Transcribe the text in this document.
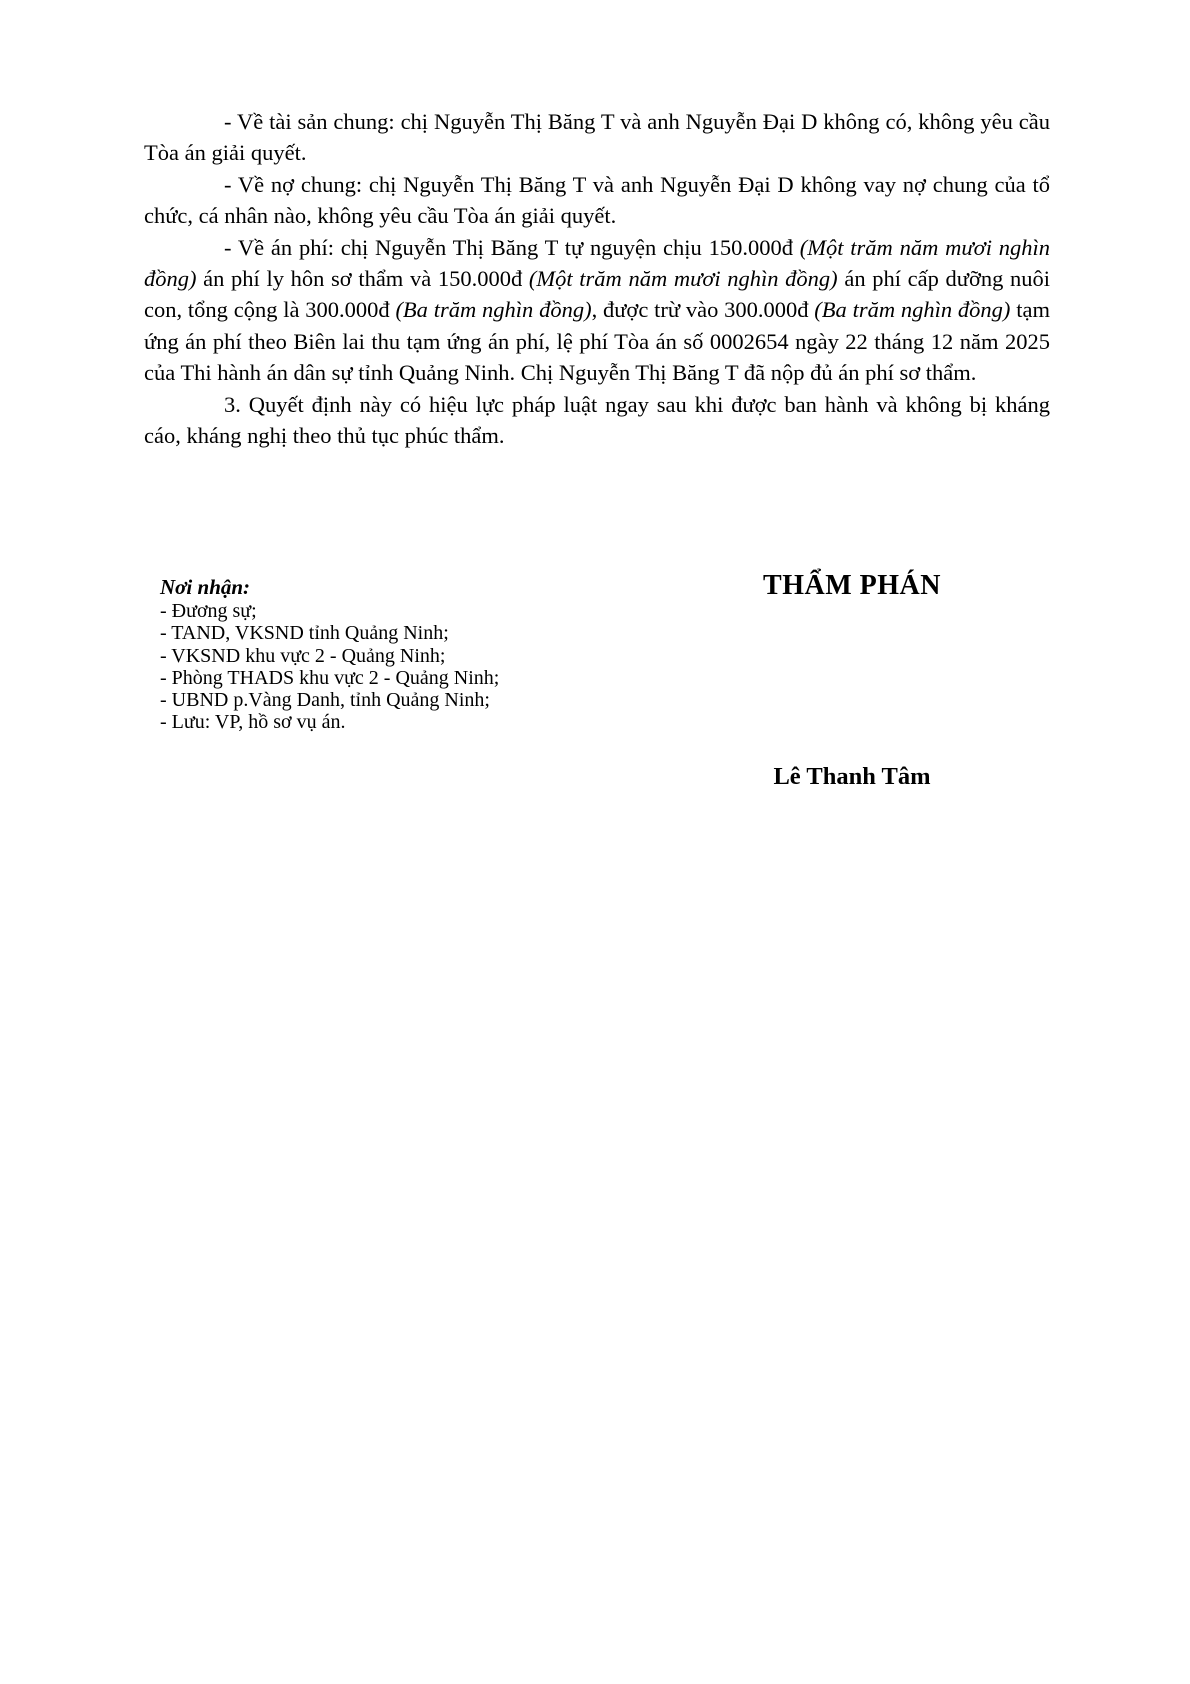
- Về tài sản chung: chị Nguyễn Thị Băng T và anh Nguyễn Đại D không có, không yêu cầu Tòa án giải quyết.

- Về nợ chung: chị Nguyễn Thị Băng T và anh Nguyễn Đại D không vay nợ chung của tổ chức, cá nhân nào, không yêu cầu Tòa án giải quyết.

- Về án phí: chị Nguyễn Thị Băng T tự nguyện chịu 150.000đ (Một trăm năm mươi nghìn đồng) án phí ly hôn sơ thẩm và 150.000đ (Một trăm năm mươi nghìn đồng) án phí cấp dưỡng nuôi con, tổng cộng là 300.000đ (Ba trăm nghìn đồng), được trừ vào 300.000đ (Ba trăm nghìn đồng) tạm ứng án phí theo Biên lai thu tạm ứng án phí, lệ phí Tòa án số 0002654 ngày 22 tháng 12 năm 2025 của Thi hành án dân sự tỉnh Quảng Ninh. Chị Nguyễn Thị Băng T đã nộp đủ án phí sơ thẩm.

3. Quyết định này có hiệu lực pháp luật ngay sau khi được ban hành và không bị kháng cáo, kháng nghị theo thủ tục phúc thẩm.

Nơi nhận:
- Đương sự;
- TAND, VKSND tỉnh Quảng Ninh;
- VKSND khu vực 2 - Quảng Ninh;
- Phòng THADS khu vực 2 - Quảng Ninh;
- UBND p.Vàng Danh, tỉnh Quảng Ninh;
- Lưu: VP, hồ sơ vụ án.
THẨM PHÁN
Lê Thanh Tâm
